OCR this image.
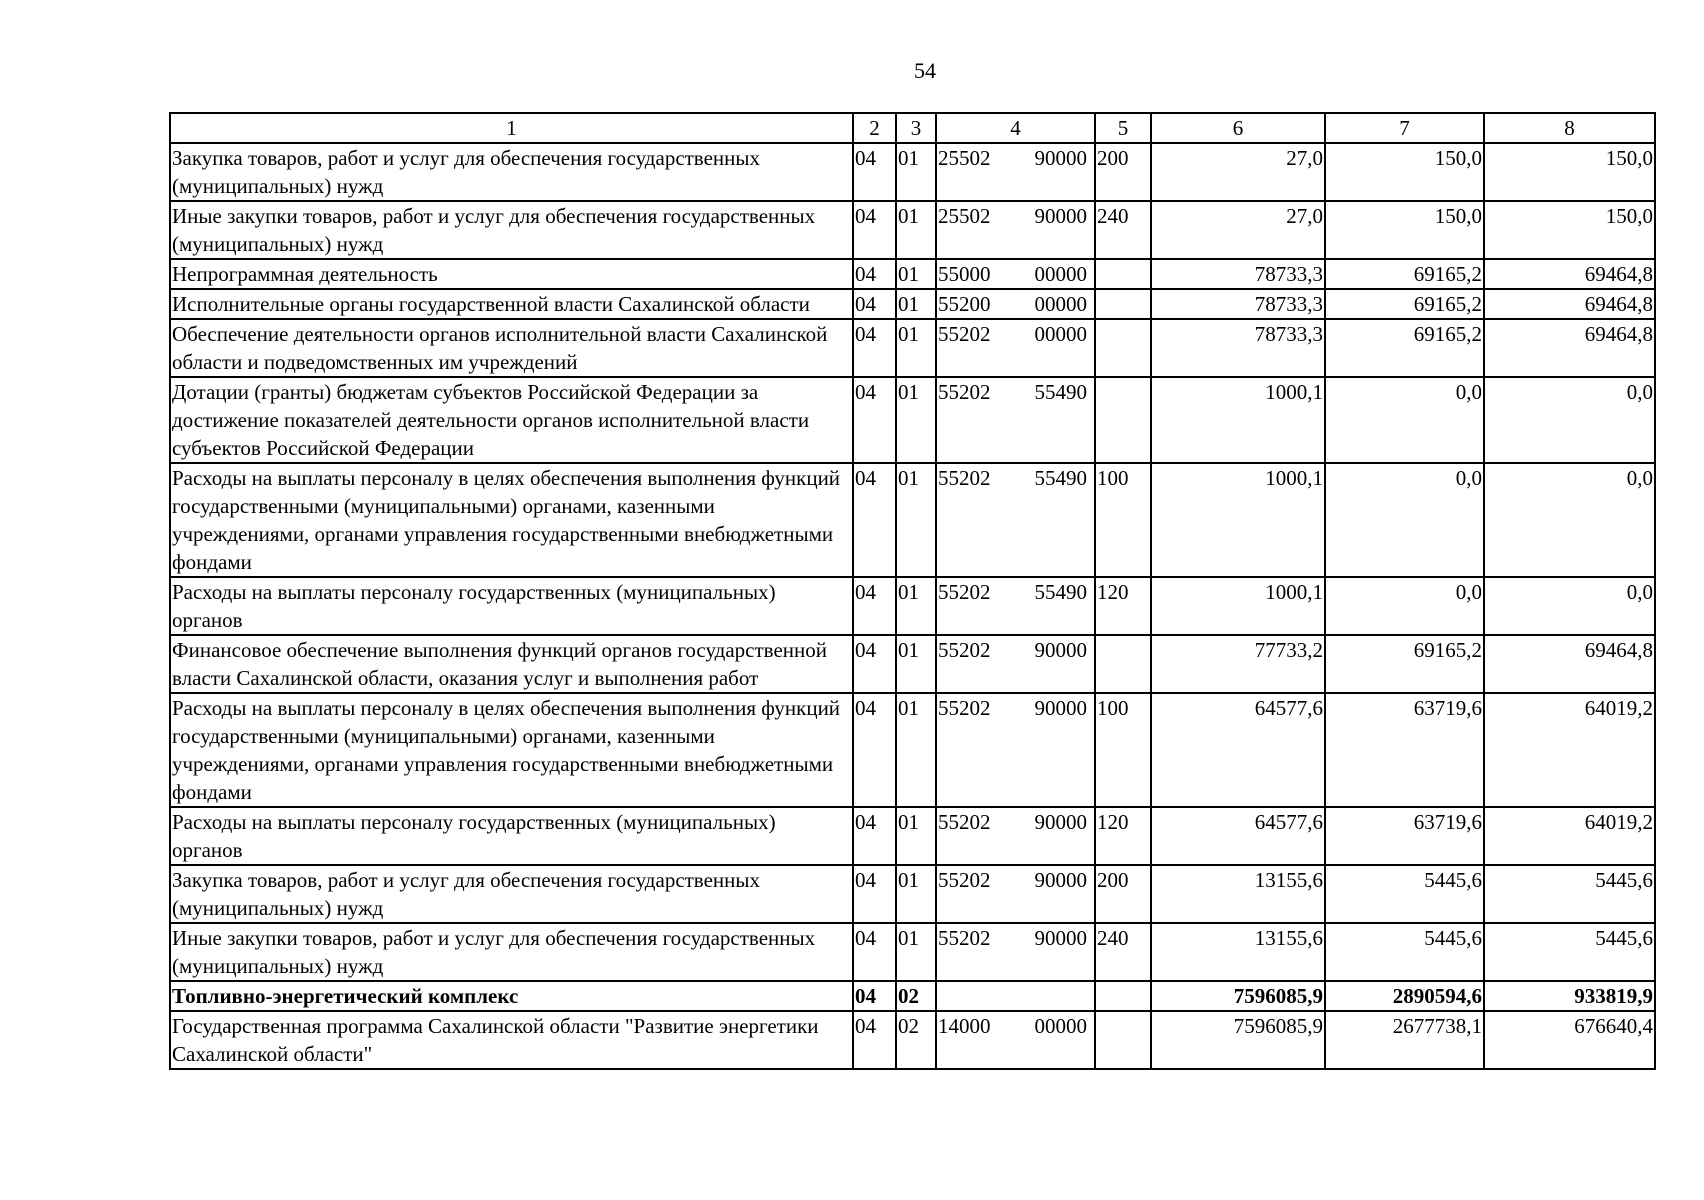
54
1	2	3	4	5	6	7	8
Закупка товаров, работ и услуг для обеспечения государственных (муниципальных) нужд	04	01	25502 90000	200	27,0	150,0	150,0
Иные закупки товаров, работ и услуг для обеспечения государственных (муниципальных) нужд	04	01	25502 90000	240	27,0	150,0	150,0
Непрограммная деятельность	04	01	55000 00000		78733,3	69165,2	69464,8
Исполнительные органы государственной власти Сахалинской области	04	01	55200 00000		78733,3	69165,2	69464,8
Обеспечение деятельности органов исполнительной власти Сахалинской области и подведомственных им учреждений	04	01	55202 00000		78733,3	69165,2	69464,8
Дотации (гранты) бюджетам субъектов Российской Федерации за достижение показателей деятельности органов исполнительной власти субъектов Российской Федерации	04	01	55202 55490		1000,1	0,0	0,0
Расходы на выплаты персоналу в целях обеспечения выполнения функций государственными (муниципальными) органами, казенными учреждениями, органами управления государственными внебюджетными фондами	04	01	55202 55490	100	1000,1	0,0	0,0
Расходы на выплаты персоналу государственных (муниципальных) органов	04	01	55202 55490	120	1000,1	0,0	0,0
Финансовое обеспечение выполнения функций органов государственной власти Сахалинской области, оказания услуг и выполнения работ	04	01	55202 90000		77733,2	69165,2	69464,8
Расходы на выплаты персоналу в целях обеспечения выполнения функций государственными (муниципальными) органами, казенными учреждениями, органами управления государственными внебюджетными фондами	04	01	55202 90000	100	64577,6	63719,6	64019,2
Расходы на выплаты персоналу государственных (муниципальных) органов	04	01	55202 90000	120	64577,6	63719,6	64019,2
Закупка товаров, работ и услуг для обеспечения государственных (муниципальных) нужд	04	01	55202 90000	200	13155,6	5445,6	5445,6
Иные закупки товаров, работ и услуг для обеспечения государственных (муниципальных) нужд	04	01	55202 90000	240	13155,6	5445,6	5445,6
Топливно-энергетический комплекс	04	02			7596085,9	2890594,6	933819,9
Государственная программа Сахалинской области "Развитие энергетики Сахалинской области"	04	02	14000 00000		7596085,9	2677738,1	676640,4
